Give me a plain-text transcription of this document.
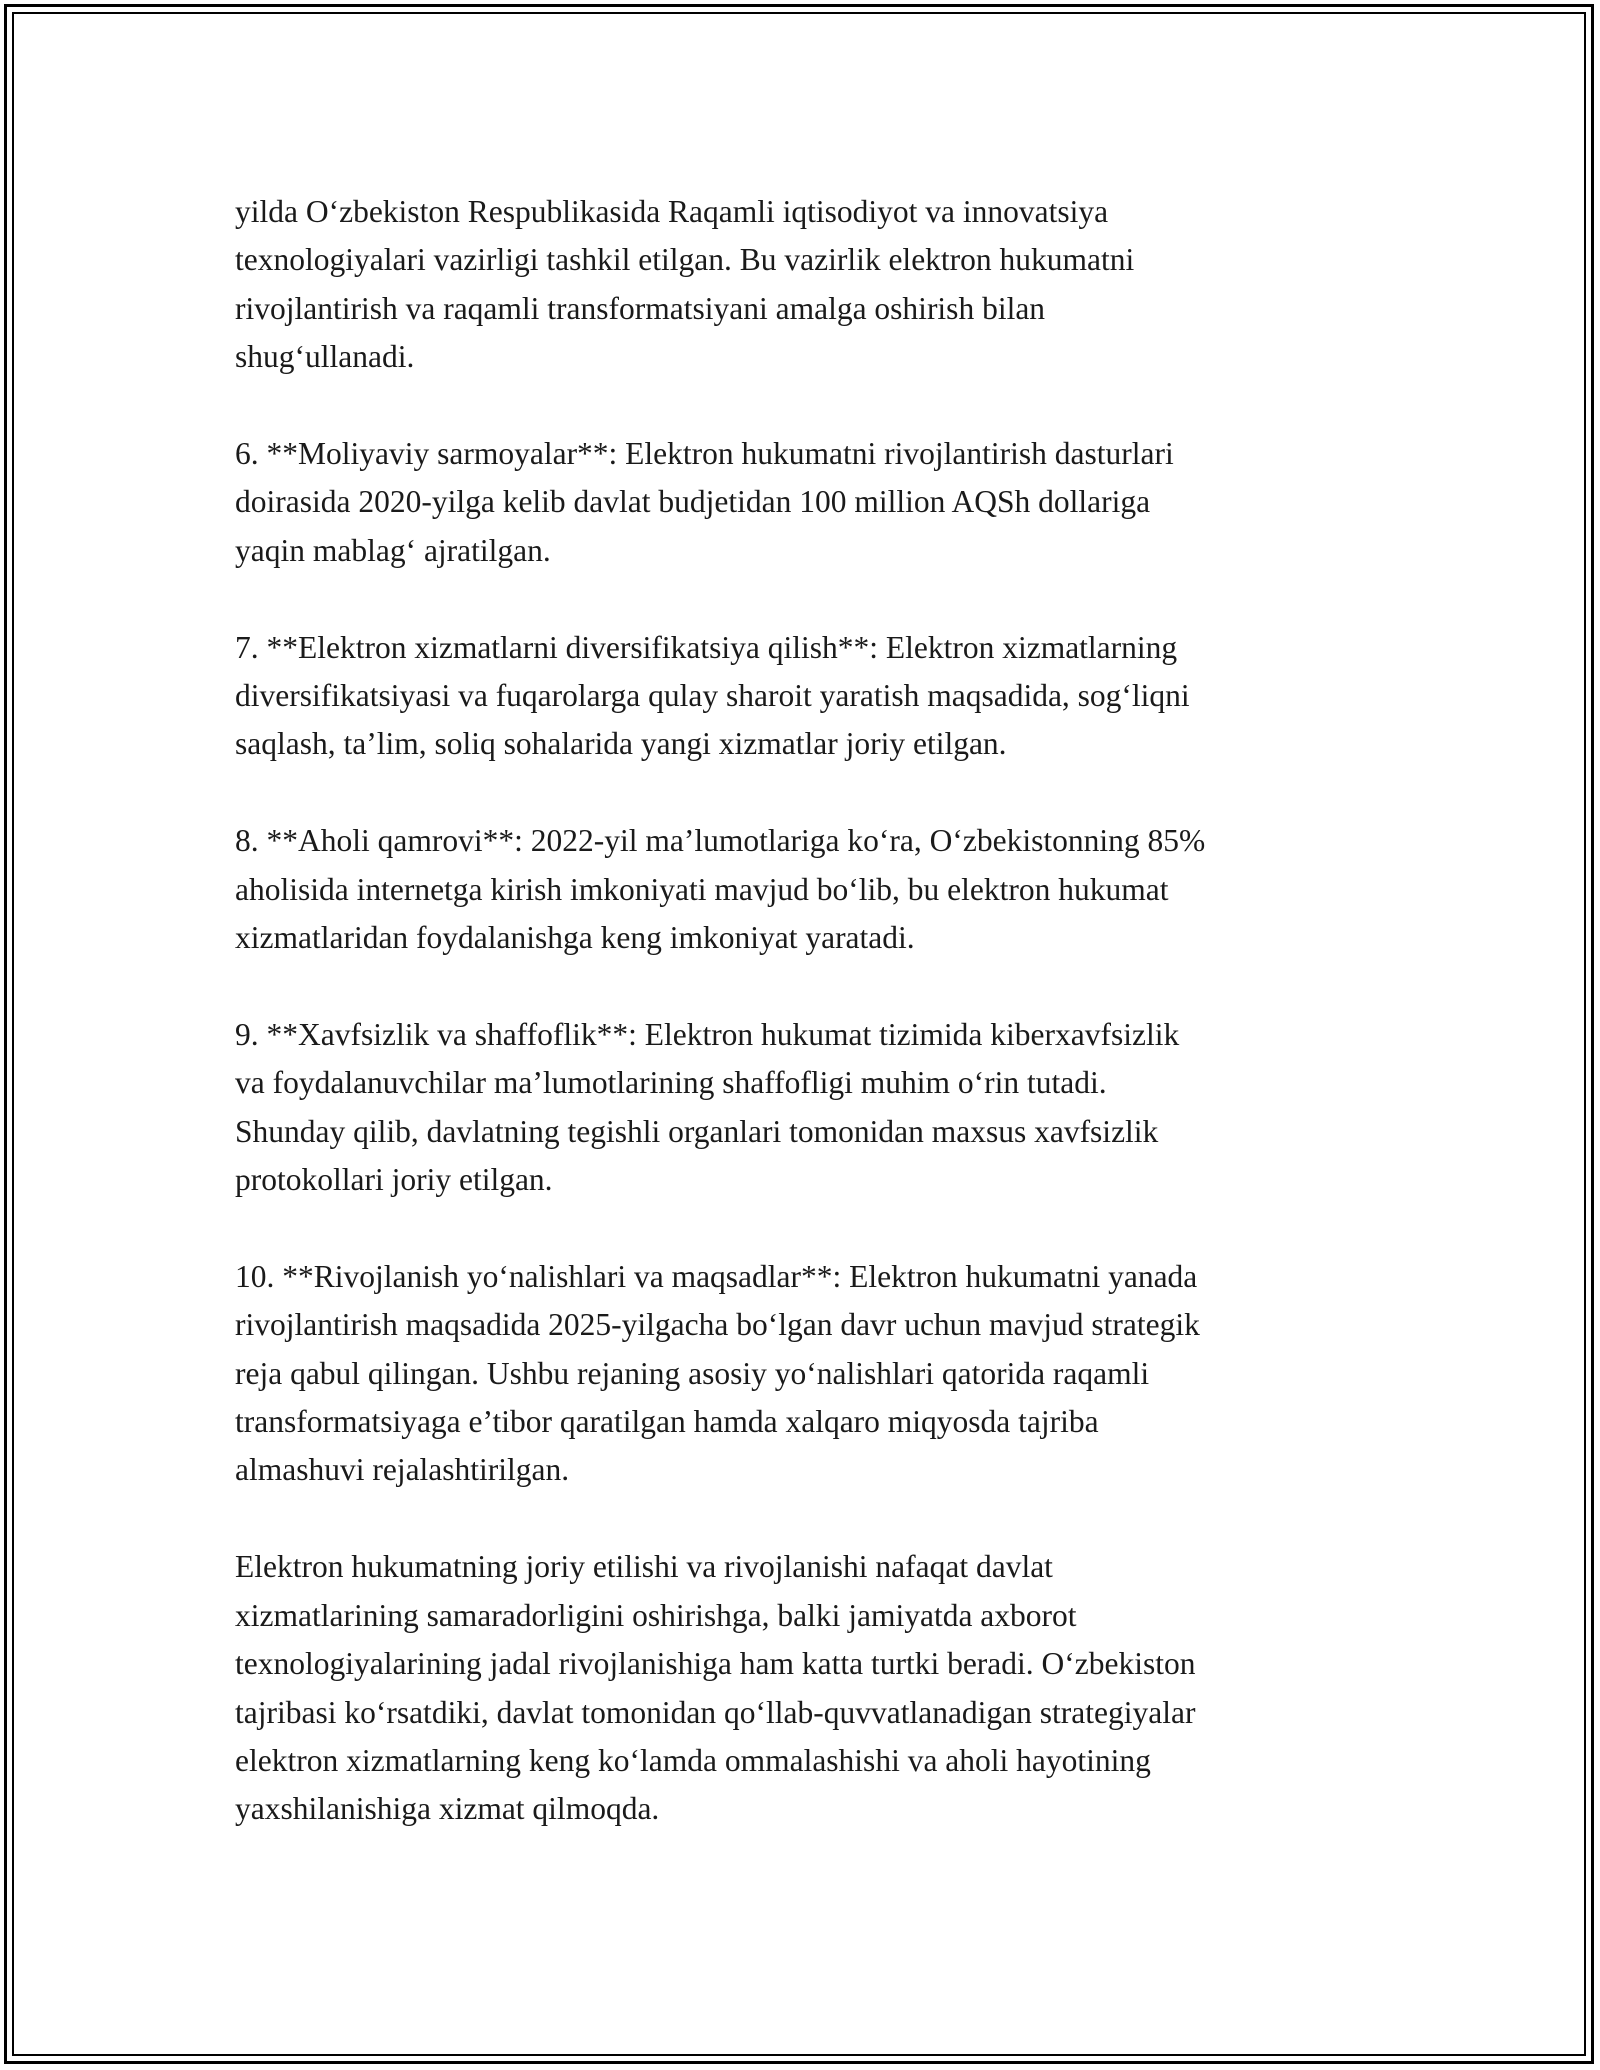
yilda O‘zbekiston Respublikasida Raqamli iqtisodiyot va innovatsiya
texnologiyalari vazirligi tashkil etilgan. Bu vazirlik elektron hukumatni
rivojlantirish va raqamli transformatsiyani amalga oshirish bilan
shug‘ullanadi.

6. **Moliyaviy sarmoyalar**: Elektron hukumatni rivojlantirish dasturlari
doirasida 2020-yilga kelib davlat budjetidan 100 million AQSh dollariga
yaqin mablag‘ ajratilgan.

7. **Elektron xizmatlarni diversifikatsiya qilish**: Elektron xizmatlarning
diversifikatsiyasi va fuqarolarga qulay sharoit yaratish maqsadida, sog‘liqni
saqlash, ta’lim, soliq sohalarida yangi xizmatlar joriy etilgan.

8. **Aholi qamrovi**: 2022-yil ma’lumotlariga ko‘ra, O‘zbekistonning 85%
aholisida internetga kirish imkoniyati mavjud bo‘lib, bu elektron hukumat
xizmatlaridan foydalanishga keng imkoniyat yaratadi.

9. **Xavfsizlik va shaffoflik**: Elektron hukumat tizimida kiberxavfsizlik
va foydalanuvchilar ma’lumotlarining shaffofligi muhim o‘rin tutadi.
Shunday qilib, davlatning tegishli organlari tomonidan maxsus xavfsizlik
protokollari joriy etilgan.

10. **Rivojlanish yo‘nalishlari va maqsadlar**: Elektron hukumatni yanada
rivojlantirish maqsadida 2025-yilgacha bo‘lgan davr uchun mavjud strategik
reja qabul qilingan. Ushbu rejaning asosiy yo‘nalishlari qatorida raqamli
transformatsiyaga e’tibor qaratilgan hamda xalqaro miqyosda tajriba
almashuvi rejalashtirilgan.

Elektron hukumatning joriy etilishi va rivojlanishi nafaqat davlat
xizmatlarining samaradorligini oshirishga, balki jamiyatda axborot
texnologiyalarining jadal rivojlanishiga ham katta turtki beradi. O‘zbekiston
tajribasi ko‘rsatdiki, davlat tomonidan qo‘llab-quvvatlanadigan strategiyalar
elektron xizmatlarning keng ko‘lamda ommalashishi va aholi hayotining
yaxshilanishiga xizmat qilmoqda.
